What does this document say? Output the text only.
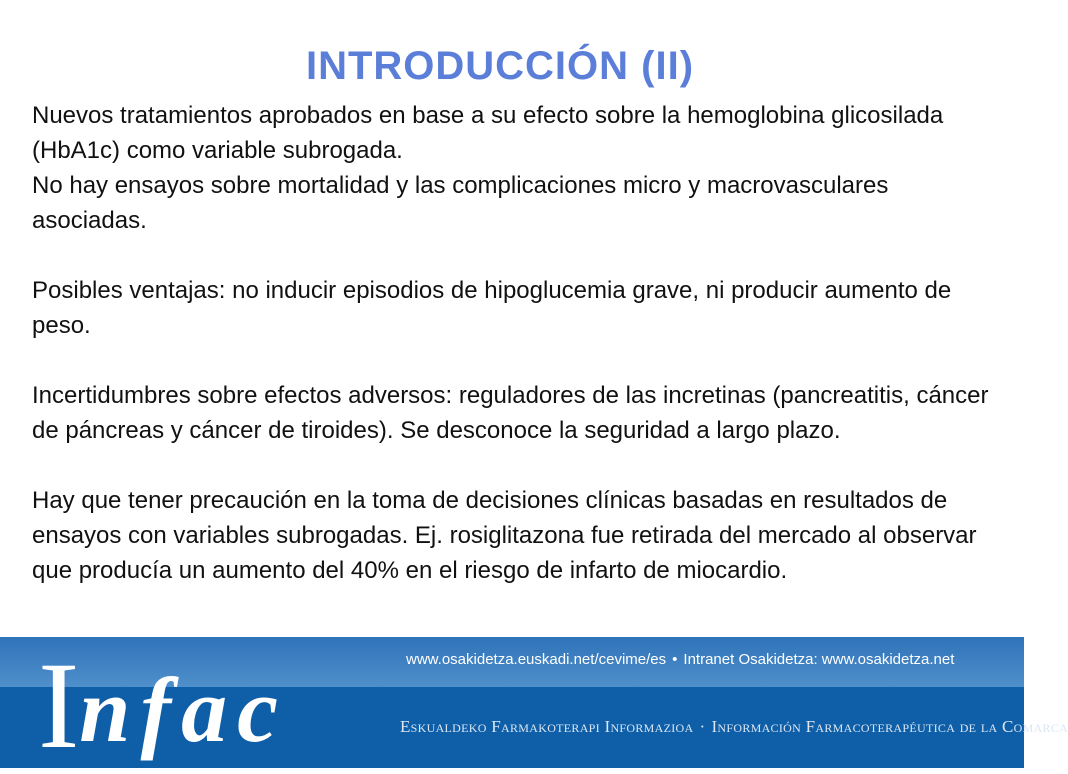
INTRODUCCIÓN (II)

Nuevos tratamientos aprobados en base a su efecto sobre la hemoglobina glicosilada (HbA1c) como variable subrogada.

No hay ensayos sobre mortalidad y las complicaciones micro y macrovasculares asociadas.

Posibles ventajas: no inducir episodios de hipoglucemia grave, ni producir aumento de peso.

Incertidumbres sobre efectos adversos: reguladores de las incretinas (pancreatitis, cáncer de páncreas y cáncer de tiroides). Se desconoce la seguridad a largo plazo.

Hay que tener precaución en la toma de decisiones clínicas basadas en resultados de ensayos con variables subrogadas. Ej. rosiglitazona fue retirada del mercado al observar que producía un aumento del 40% en el riesgo de infarto de miocardio.

Infac	www.osakidetza.euskadi.net/cevime/es • Intranet Osakidetza: www.osakidetza.net
Eskualdeko Farmakoterapi Informazioa · Información Farmacoterapéutica de la Comarca
